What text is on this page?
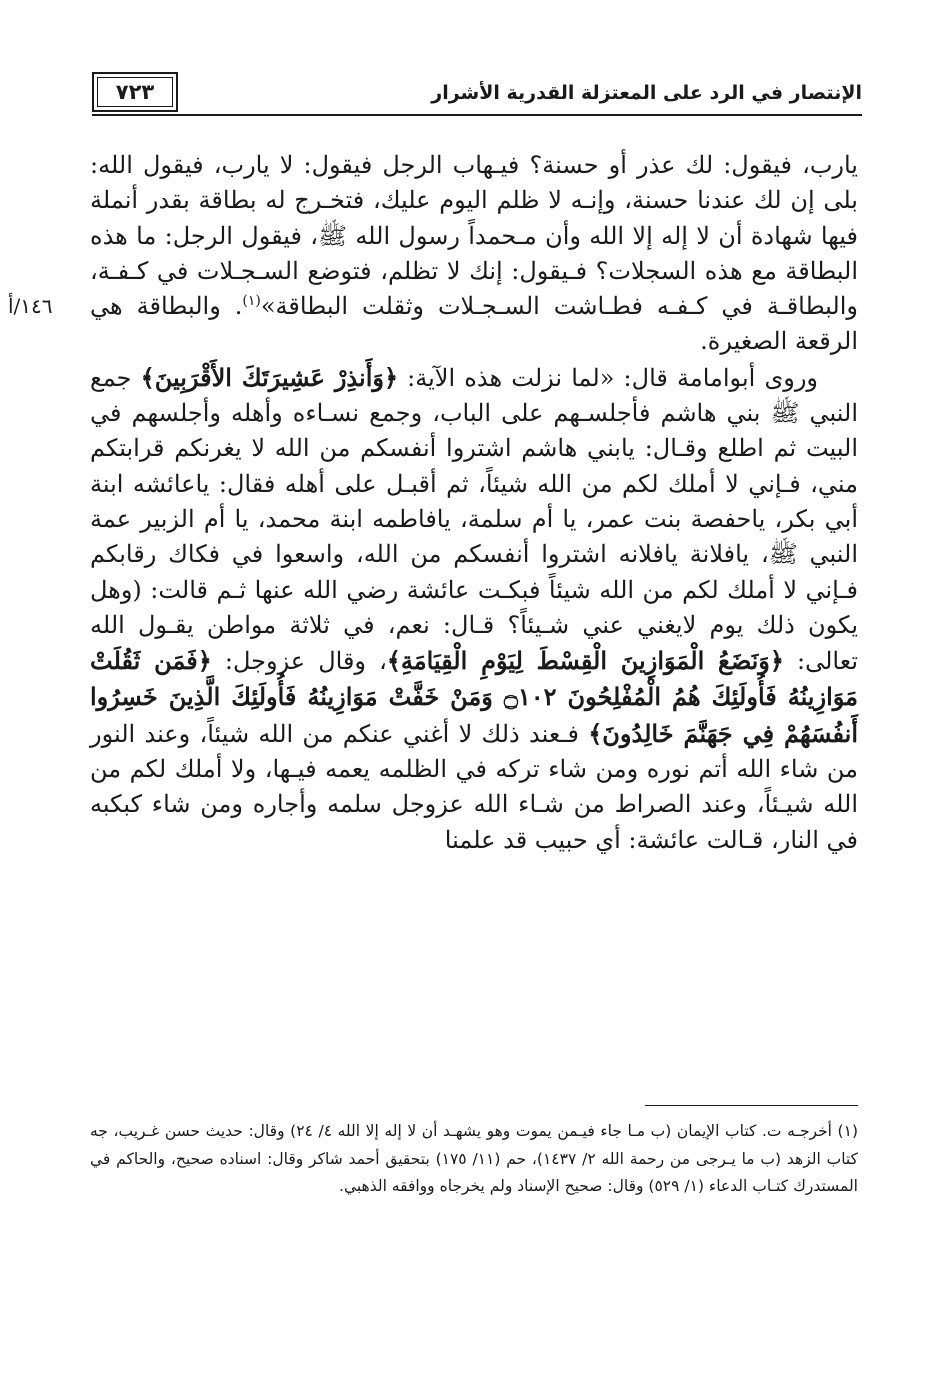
٧٢٣	الإنتصار في الرد على المعتزلة القدرية الأشرار
١٤٦/أ

يارب، فيقول: لك عذر أو حسنة؟ فيـهاب الرجل فيقول: لا يارب، فيقول الله: بلى إن لك عندنا حسنة، وإنـه لا ظلم اليوم عليك، فتخـرج له بطاقة بقدر أنملة فيها شهادة أن لا إله إلا الله وأن مـحمداً رسول الله ﷺ، فيقول الرجل: ما هذه البطاقة مع هذه السجلات؟ فـيقول: إنك لا تظلم، فتوضع السـجـلات في كـفـة، والبطاقـة في كـفـه فطـاشت السـجـلات وثقلت البطاقة»$^{(١)}$. والبطاقة هي الرقعة الصغيرة.

وروى أبوامامة قال: «لما نزلت هذه الآية: ﴿وَأَنذِرْ عَشِيرَتَكَ الأَقْرَبِينَ﴾ جمع النبي ﷺ بني هاشم فأجلسـهم على الباب، وجمع نسـاءه وأهله وأجلسهم في البيت ثم اطلع وقـال: يابني هاشم اشتروا أنفسكم من الله لا يغرنكم قرابتكم مني، فـإني لا أملك لكم من الله شيئاً، ثم أقبـل على أهله فقال: ياعائشه ابنة أبي بكر، ياحفصة بنت عمر، يا أم سلمة، يافاطمه ابنة محمد، يا أم الزبير عمة النبي ﷺ، يافلانة يافلانه اشتروا أنفسكم من الله، واسعوا في فكاك رقابكم فـإني لا أملك لكم من الله شيئاً فبكـت عائشة رضي الله عنها ثـم قالت: (وهل يكون ذلك يوم لايغني عني شـيئاً؟ قـال: نعم، في ثلاثة مواطن يقـول الله تعالى: ﴿وَنَضَعُ الْمَوَازِينَ الْقِسْطَ لِيَوْمِ الْقِيَامَةِ﴾، وقال عزوجل: ﴿فَمَن ثَقُلَتْ مَوَازِينُهُ فَأُولَئِكَ هُمُ الْمُفْلِحُونَ ۝١٠٢ وَمَنْ خَفَّتْ مَوَازِينُهُ فَأُولَئِكَ الَّذِينَ خَسِرُوا أَنفُسَهُمْ فِي جَهَنَّمَ خَالِدُونَ﴾ فـعند ذلك لا أغني عنكم من الله شيئاً، وعند النور من شاء الله أتم نوره ومن شاء تركه في الظلمه يعمه فيـها، ولا أملك لكم من الله شيـئاً، وعند الصراط من شـاء الله عزوجل سلمه وأجاره ومن شاء كبكبه في النار، قـالت عائشة: أي حبيب قد علمنا

(١) أخرجـه ت. كتاب الإيمان (ب مـا جاء فيـمن يموت وهو يشهـد أن لا إله إلا الله ٤/ ٢٤) وقال: حديث حسن غـريب، جه كتاب الزهد (ب ما يـرجى من رحمة الله ٢/ ١٤٣٧)، حم (١١/ ١٧٥) بتحقيق أحمد شاكر وقال: اسناده صحيح، والحاكم في المستدرك كتـاب الدعاء (١/ ٥٢٩) وقال: صحيح الإسناد ولم يخرجاه ووافقه الذهبي.
